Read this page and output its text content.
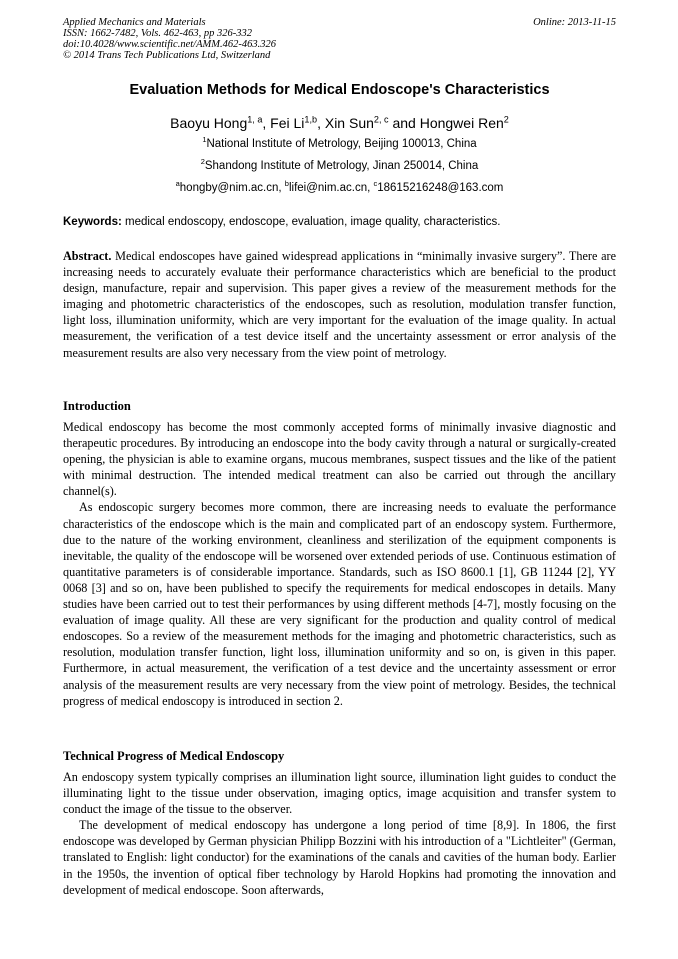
Applied Mechanics and Materials
ISSN: 1662-7482, Vols. 462-463, pp 326-332
doi:10.4028/www.scientific.net/AMM.462-463.326
© 2014 Trans Tech Publications Ltd, Switzerland
Online: 2013-11-15
Evaluation Methods for Medical Endoscope's Characteristics
Baoyu Hong$^{1, a}$, Fei Li$^{1,b}$, Xin Sun$^{2, c}$ and Hongwei Ren$^2$
$^1$National Institute of Metrology, Beijing 100013, China
$^2$Shandong Institute of Metrology, Jinan 250014, China
$^a$hongby@nim.ac.cn, $^b$lifei@nim.ac.cn, $^c$18615216248@163.com
Keywords: medical endoscopy, endoscope, evaluation, image quality, characteristics.

Abstract. Medical endoscopes have gained widespread applications in “minimally invasive surgery”. There are increasing needs to accurately evaluate their performance characteristics which are beneficial to the product design, manufacture, repair and supervision. This paper gives a review of the measurement methods for the imaging and photometric characteristics of the endoscopes, such as resolution, modulation transfer function, light loss, illumination uniformity, which are very important for the evaluation of the image quality. In actual measurement, the verification of a test device itself and the uncertainty assessment or error analysis of the measurement results are also very necessary from the view point of metrology.

Introduction

Medical endoscopy has become the most commonly accepted forms of minimally invasive diagnostic and therapeutic procedures. By introducing an endoscope into the body cavity through a natural or surgically-created opening, the physician is able to examine organs, mucous membranes, suspect tissues and the like of the patient with minimal destruction. The intended medical treatment can also be carried out through the ancillary channel(s).

As endoscopic surgery becomes more common, there are increasing needs to evaluate the performance characteristics of the endoscope which is the main and complicated part of an endoscopy system. Furthermore, due to the nature of the working environment, cleanliness and sterilization of the equipment components is inevitable, the quality of the endoscope will be worsened over extended periods of use. Continuous estimation of quantitative parameters is of considerable importance. Standards, such as ISO 8600.1 [1], GB 11244 [2], YY 0068 [3] and so on, have been published to specify the requirements for medical endoscopes in details. Many studies have been carried out to test their performances by using different methods [4-7], mostly focusing on the evaluation of image quality. All these are very significant for the production and quality control of medical endoscopes. So a review of the measurement methods for the imaging and photometric characteristics, such as resolution, modulation transfer function, light loss, illumination uniformity and so on, is given in this paper. Furthermore, in actual measurement, the verification of a test device and the uncertainty assessment or error analysis of the measurement results are very necessary from the view point of metrology. Besides, the technical progress of medical endoscopy is introduced in section 2.

Technical Progress of Medical Endoscopy

An endoscopy system typically comprises an illumination light source, illumination light guides to conduct the illuminating light to the tissue under observation, imaging optics, image acquisition and transfer system to conduct the image of the tissue to the observer.

The development of medical endoscopy has undergone a long period of time [8,9]. In 1806, the first endoscope was developed by German physician Philipp Bozzini with his introduction of a "Lichtleiter" (German, translated to English: light conductor) for the examinations of the canals and cavities of the human body. Earlier in the 1950s, the invention of optical fiber technology by Harold Hopkins had promoting the innovation and development of medical endoscope. Soon afterwards,
